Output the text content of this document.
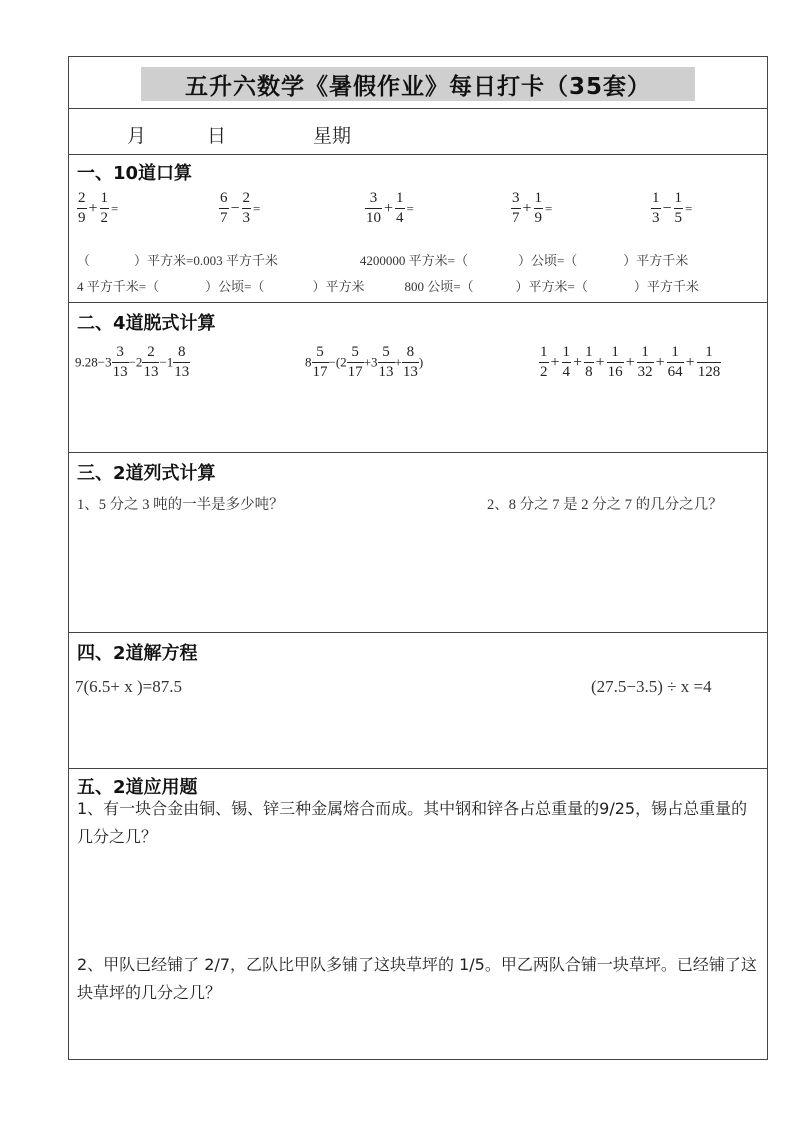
五升六数学《暑假作业》每日打卡（35套）
月	日	星期
一、10道口算
$\frac{2}{9} + \frac{1}{2}$ =	$\frac{6}{7} - \frac{2}{3}$ =	$\frac{3}{10} + \frac{1}{4}$ =	$\frac{3}{7} + \frac{1}{9}$ =	$\frac{1}{3} - \frac{1}{5}$ =
（	）平方米=0.003 平方千米	4200000 平方米=（	）公顷=（	）平方千米
4 平方千米=（	）公顷=（	）平方米	800 公顷=（	）平方米=（	）平方千米
二、4道脱式计算
$9.28-3 \frac{3}{13} -2 \frac{2}{13} -1 \frac{8}{13}$	$8 \frac{5}{17} -(2 \frac{5}{17} +3 \frac{5}{13} + \frac{8}{13}$ )	$\frac{1}{2} + \frac{1}{4} + \frac{1}{8} + \frac{1}{16} + \frac{1}{32} + \frac{1}{64} + \frac{1}{128}$
三、2道列式计算
1、5 分之 3 吨的一半是多少吨？	2、8 分之 7 是 2 分之 7 的几分之几？
四、2道解方程
7(6.5+ x )=87.5	(27.5−3.5) ÷ x =4
五、2道应用题
1、有一块合金由铜、锡、锌三种金属熔合而成。其中钢和锌各占总重量的9/25，锡占总重量的几分之几？
2、甲队已经铺了 2/7，乙队比甲队多铺了这块草坪的 1/5。甲乙两队合铺一块草坪。已经铺了这块草坪的几分之几？
